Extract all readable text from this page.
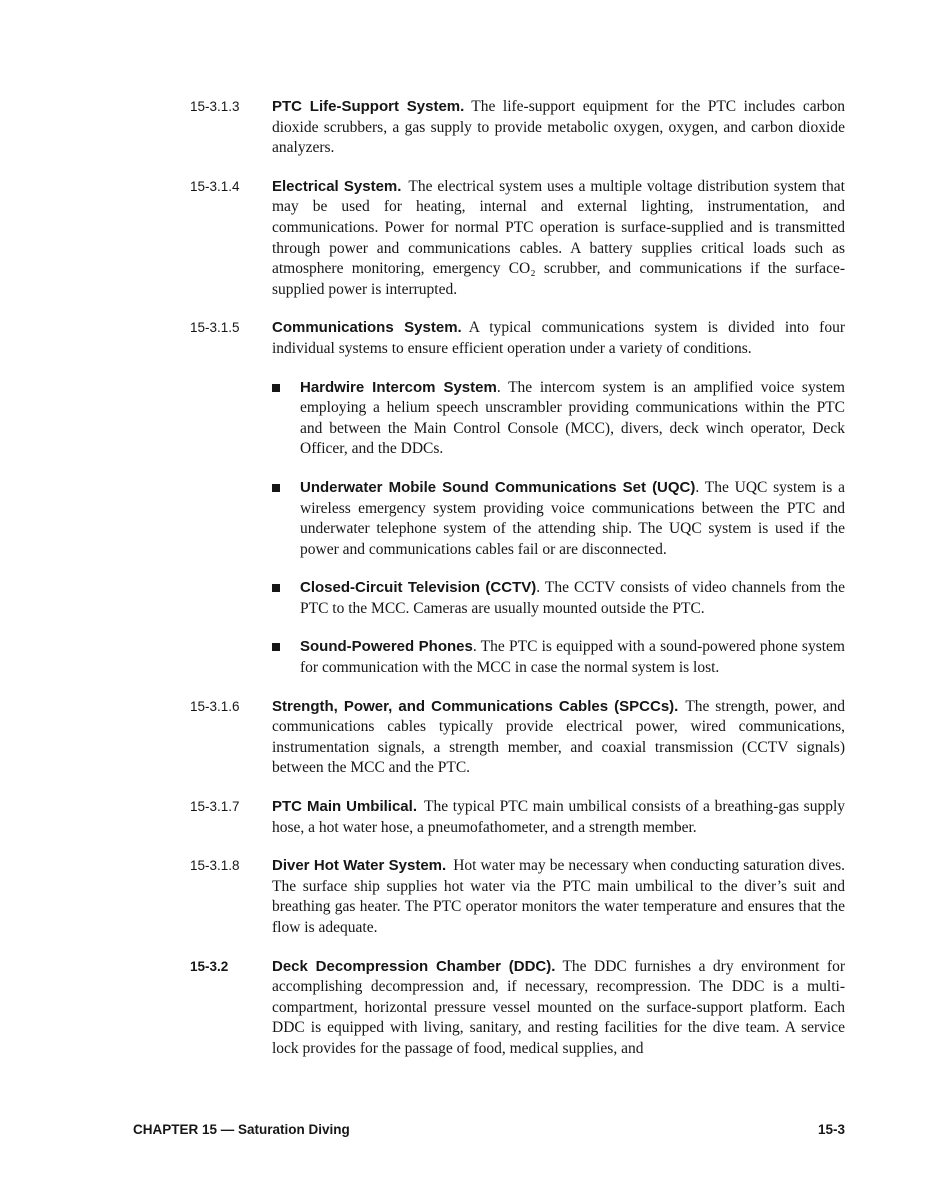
15-3.1.3	PTC Life-Support System. The life-support equipment for the PTC includes carbon dioxide scrubbers, a gas supply to provide metabolic oxygen, oxygen, and carbon dioxide analyzers.

15-3.1.4	Electrical System. The electrical system uses a multiple voltage distribution system that may be used for heating, internal and external lighting, instrumentation, and communications. Power for normal PTC operation is surface-supplied and is transmitted through power and communications cables. A battery supplies critical loads such as atmosphere monitoring, emergency CO₂ scrubber, and communications if the surface-supplied power is interrupted.

15-3.1.5	Communications System. A typical communications system is divided into four individual systems to ensure efficient operation under a variety of conditions.

Hardwire Intercom System. The intercom system is an amplified voice system employing a helium speech unscrambler providing communications within the PTC and between the Main Control Console (MCC), divers, deck winch operator, Deck Officer, and the DDCs.

Underwater Mobile Sound Communications Set (UQC). The UQC system is a wireless emergency system providing voice communications between the PTC and underwater telephone system of the attending ship. The UQC system is used if the power and communications cables fail or are disconnected.

Closed-Circuit Television (CCTV). The CCTV consists of video channels from the PTC to the MCC. Cameras are usually mounted outside the PTC.

Sound-Powered Phones. The PTC is equipped with a sound-powered phone system for communication with the MCC in case the normal system is lost.

15-3.1.6	Strength, Power, and Communications Cables (SPCCs). The strength, power, and communications cables typically provide electrical power, wired communications, instrumentation signals, a strength member, and coaxial transmission (CCTV signals) between the MCC and the PTC.

15-3.1.7	PTC Main Umbilical. The typical PTC main umbilical consists of a breathing-gas supply hose, a hot water hose, a pneumofathometer, and a strength member.

15-3.1.8	Diver Hot Water System. Hot water may be necessary when conducting saturation dives. The surface ship supplies hot water via the PTC main umbilical to the diver’s suit and breathing gas heater. The PTC operator monitors the water temperature and ensures that the flow is adequate.

15-3.2	Deck Decompression Chamber (DDC). The DDC furnishes a dry environment for accomplishing decompression and, if necessary, recompression. The DDC is a multi-compartment, horizontal pressure vessel mounted on the surface-support platform. Each DDC is equipped with living, sanitary, and resting facilities for the dive team. A service lock provides for the passage of food, medical supplies, and

CHAPTER 15 — Saturation Diving	15-3
